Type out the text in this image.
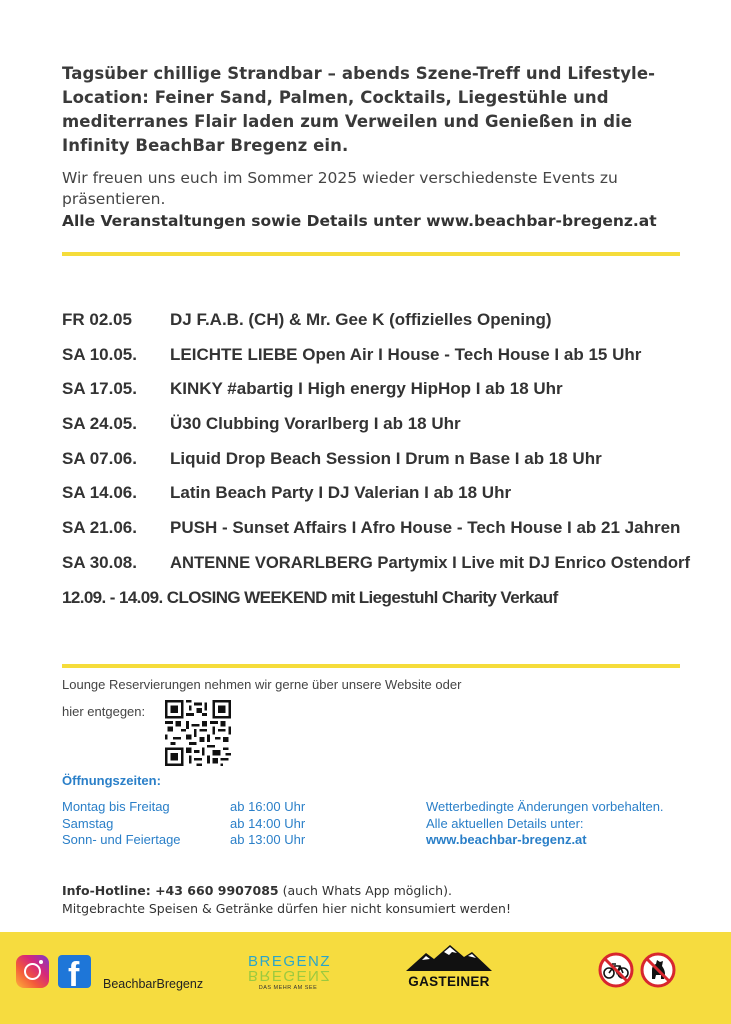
Tagsüber chillige Strandbar – abends Szene-Treff und Lifestyle-Location: Feiner Sand, Palmen, Cocktails, Liegestühle und mediterranes Flair laden zum Verweilen und Genießen in die Infinity BeachBar Bregenz ein.

Wir freuen uns euch im Sommer 2025 wieder verschiedenste Events zu präsentieren.

Alle Veranstaltungen sowie Details unter www.beachbar-bregenz.at

FR 02.05 DJ F.A.B. (CH) & Mr. Gee K (offizielles Opening)
SA 10.05. LEICHTE LIEBE Open Air I House - Tech House I ab 15 Uhr
SA 17.05. KINKY #abartig I High energy HipHop I ab 18 Uhr
SA 24.05. Ü30 Clubbing Vorarlberg I ab 18 Uhr
SA 07.06. Liquid Drop Beach Session I Drum n Base I ab 18 Uhr
SA 14.06. Latin Beach Party I DJ Valerian I ab 18 Uhr
SA 21.06. PUSH - Sunset Affairs I Afro House - Tech House I ab 21 Jahren
SA 30.08. ANTENNE VORARLBERG Partymix I Live mit DJ Enrico Ostendorf
12.09. - 14.09. CLOSING WEEKEND mit Liegestuhl Charity Verkauf

Lounge Reservierungen nehmen wir gerne über unsere Website oder

hier entgegen:

Öffnungszeiten:

Montag bis Freitag	ab 16:00 Uhr
Samstag	ab 14:00 Uhr
Sonn- und Feiertage	ab 13:00 Uhr

Wetterbedingte Änderungen vorbehalten.

Alle aktuellen Details unter:

www.beachbar-bregenz.at

Info-Hotline: +43 660 9907085 (auch Whats App möglich).

Mitgebrachte Speisen & Getränke dürfen hier nicht konsumiert werden!

f BeachbarBregenz
BREGENZ
BREGENZ
DAS MEHR AM SEE	GASTEINER
